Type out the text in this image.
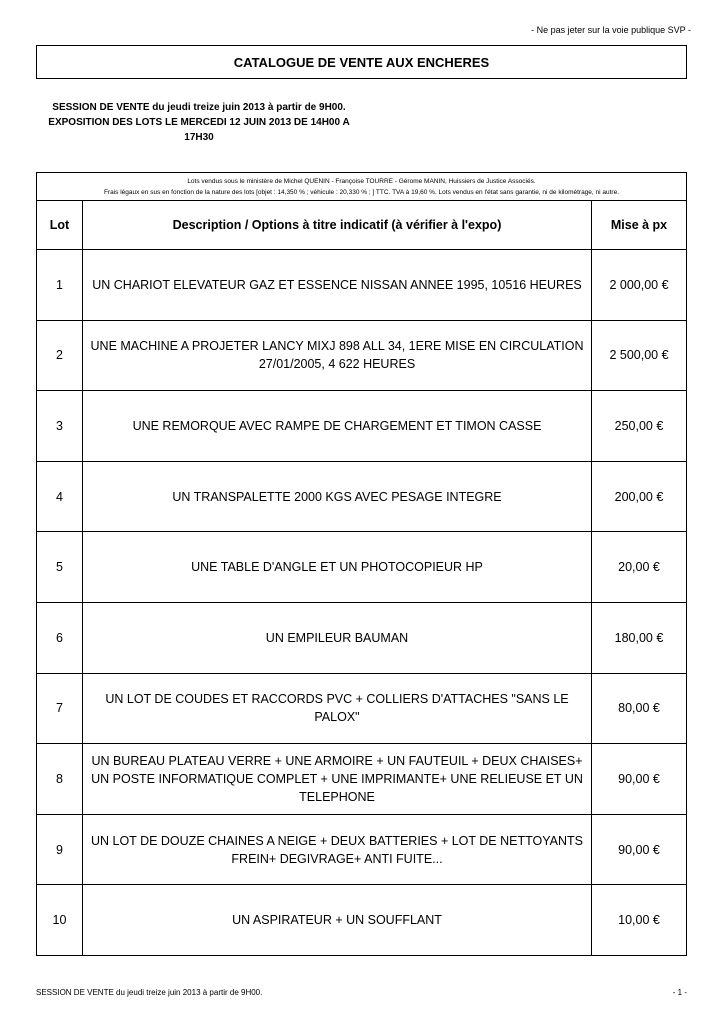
- Ne pas jeter sur la voie publique SVP -
CATALOGUE DE VENTE AUX ENCHERES
SESSION DE VENTE du jeudi treize juin 2013 à partir de 9H00.
EXPOSITION DES LOTS LE MERCEDI 12 JUIN 2013 DE 14H00 A
17H30
Lots vendus sous le ministère de Michel QUENIN - Françoise TOURRE - Gérome MANIN, Huissiers de Justice Associés.
Frais légaux en sus en fonction de la nature des lots [objet : 14,350 % ; véhicule : 20,330 % ; ] TTC. TVA à 19,60 %. Lots vendus en l'état sans garantie, ni de kilométrage, ni autre.
Lot	Description / Options à titre indicatif (à vérifier à l'expo)	Mise à px
1	UN CHARIOT ELEVATEUR GAZ ET ESSENCE NISSAN ANNEE 1995, 10516 HEURES	2 000,00 €
2	UNE MACHINE A PROJETER LANCY MIXJ 898 ALL 34, 1ERE MISE EN CIRCULATION 27/01/2005, 4 622 HEURES	2 500,00 €
3	UNE REMORQUE AVEC RAMPE DE CHARGEMENT ET TIMON CASSE	250,00 €
4	UN TRANSPALETTE 2000 KGS AVEC PESAGE INTEGRE	200,00 €
5	UNE TABLE D'ANGLE ET UN PHOTOCOPIEUR HP	20,00 €
6	UN EMPILEUR BAUMAN	180,00 €
7	UN LOT DE COUDES ET RACCORDS PVC + COLLIERS D'ATTACHES "SANS LE PALOX"	80,00 €
8	UN BUREAU PLATEAU VERRE + UNE ARMOIRE + UN FAUTEUIL + DEUX CHAISES+ UN POSTE INFORMATIQUE COMPLET + UNE IMPRIMANTE+ UNE RELIEUSE ET UN TELEPHONE	90,00 €
9	UN LOT DE DOUZE CHAINES A NEIGE + DEUX BATTERIES + LOT DE NETTOYANTS FREIN+ DEGIVRAGE+ ANTI FUITE...	90,00 €
10	UN ASPIRATEUR + UN SOUFFLANT	10,00 €
SESSION DE VENTE du jeudi treize juin 2013 à partir de 9H00.	- 1 -
